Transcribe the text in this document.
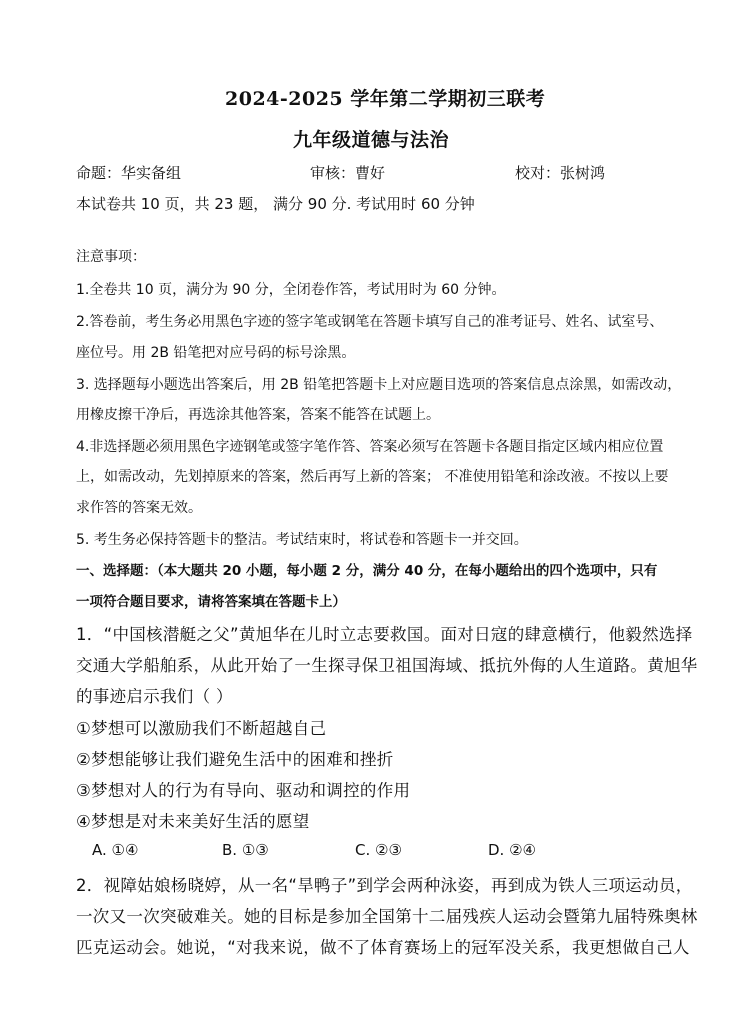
2024-2025 学年第二学期初三联考
九年级道德与法治
命题：华实备组	审核：曹好	校对：张树鸿
本试卷共 10 页，共 23 题， 满分 90 分. 考试用时 60 分钟
注意事项：
1.全卷共 10 页，满分为 90 分，全闭卷作答，考试用时为 60 分钟。
2.答卷前，考生务必用黑色字迹的签字笔或钢笔在答题卡填写自己的准考证号、姓名、试室号、
座位号。用 2B 铅笔把对应号码的标号涂黑。
3. 选择题每小题选出答案后，用 2B 铅笔把答题卡上对应题目选项的答案信息点涂黑，如需改动，
用橡皮擦干净后，再选涂其他答案，答案不能答在试题上。
4.非选择题必须用黑色字迹钢笔或签字笔作答、答案必须写在答题卡各题目指定区域内相应位置
上，如需改动，先划掉原来的答案，然后再写上新的答案； 不准使用铅笔和涂改液。不按以上要
求作答的答案无效。
5. 考生务必保持答题卡的整洁。考试结束时，将试卷和答题卡一并交回。
一、选择题：（本大题共 20 小题，每小题 2 分，满分 40 分，在每小题给出的四个选项中，只有
一项符合题目要求，请将答案填在答题卡上）
1．“中国核潜艇之父”黄旭华在儿时立志要救国。面对日寇的肆意横行，他毅然选择
交通大学船舶系，从此开始了一生探寻保卫祖国海域、抵抗外侮的人生道路。黄旭华
的事迹启示我们（ ）
①梦想可以激励我们不断超越自己
②梦想能够让我们避免生活中的困难和挫折
③梦想对人的行为有导向、驱动和调控的作用
④梦想是对未来美好生活的愿望
A. ①④	B. ①③	C. ②③	D. ②④
2．视障姑娘杨晓婷，从一名“旱鸭子”到学会两种泳姿，再到成为铁人三项运动员，
一次又一次突破难关。她的目标是参加全国第十二届残疾人运动会暨第九届特殊奥林
匹克运动会。她说，“对我来说，做不了体育赛场上的冠军没关系，我更想做自己人
